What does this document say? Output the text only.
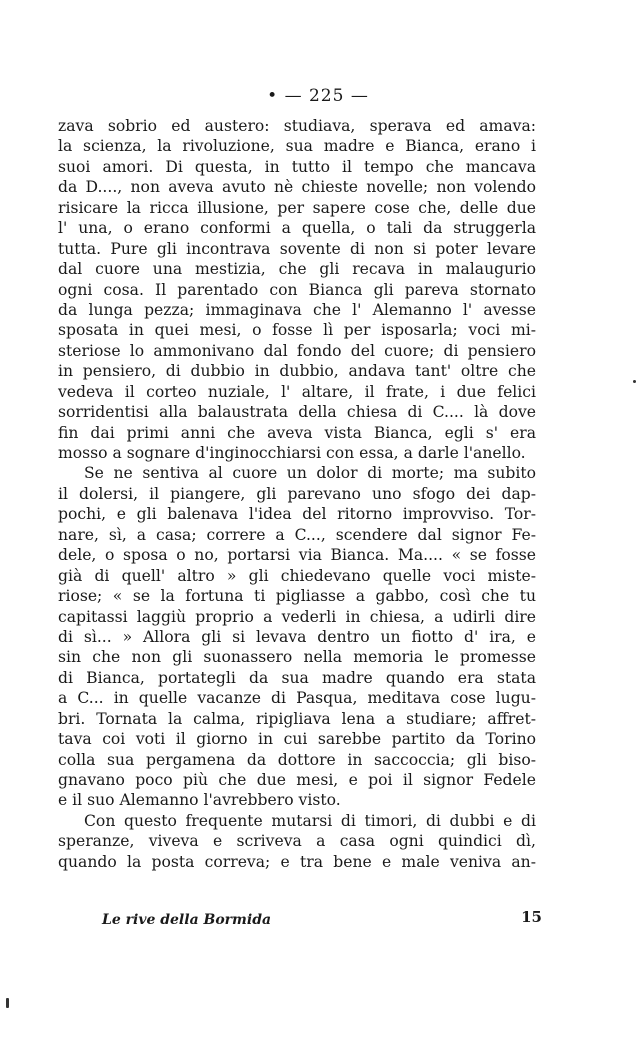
• — 225 —
zava sobrio ed austero: studiava, sperava ed amava:
la scienza, la rivoluzione, sua madre e Bianca, erano i
suoi amori. Di questa, in tutto il tempo che mancava
da D...., non aveva avuto nè chieste novelle; non volendo
risicare la ricca illusione, per sapere cose che, delle due
l' una, o erano conformi a quella, o tali da struggerla
tutta. Pure gli incontrava sovente di non si poter levare
dal cuore una mestizia, che gli recava in malaugurio
ogni cosa. Il parentado con Bianca gli pareva stornato
da lunga pezza; immaginava che l' Alemanno l' avesse
sposata in quei mesi, o fosse lì per isposarla; voci mi-
steriose lo ammonivano dal fondo del cuore; di pensiero
in pensiero, di dubbio in dubbio, andava tant' oltre che
vedeva il corteo nuziale, l' altare, il frate, i due felici
sorridentisi alla balaustrata della chiesa di C.... là dove
fin dai primi anni che aveva vista Bianca, egli s' era
mosso a sognare d'inginocchiarsi con essa, a darle l'anello.
Se ne sentiva al cuore un dolor di morte; ma subito
il dolersi, il piangere, gli parevano uno sfogo dei dap-
pochi, e gli balenava l'idea del ritorno improvviso. Tor-
nare, sì, a casa; correre a C..., scendere dal signor Fe-
dele, o sposa o no, portarsi via Bianca. Ma.... « se fosse
già di quell' altro » gli chiedevano quelle voci miste-
riose; « se la fortuna ti pigliasse a gabbo, così che tu
capitassi laggiù proprio a vederli in chiesa, a udirli dire
di sì... » Allora gli si levava dentro un fiotto d' ira, e
sin che non gli suonassero nella memoria le promesse
di Bianca, portategli da sua madre quando era stata
a C... in quelle vacanze di Pasqua, meditava cose lugu-
bri. Tornata la calma, ripigliava lena a studiare; affret-
tava coi voti il giorno in cui sarebbe partito da Torino
colla sua pergamena da dottore in saccoccia; gli biso-
gnavano poco più che due mesi, e poi il signor Fedele
e il suo Alemanno l'avrebbero visto.
Con questo frequente mutarsi di timori, di dubbi e di
speranze, viveva e scriveva a casa ogni quindici dì,
quando la posta correva; e tra bene e male veniva an-
Le rive della Bormida	15
